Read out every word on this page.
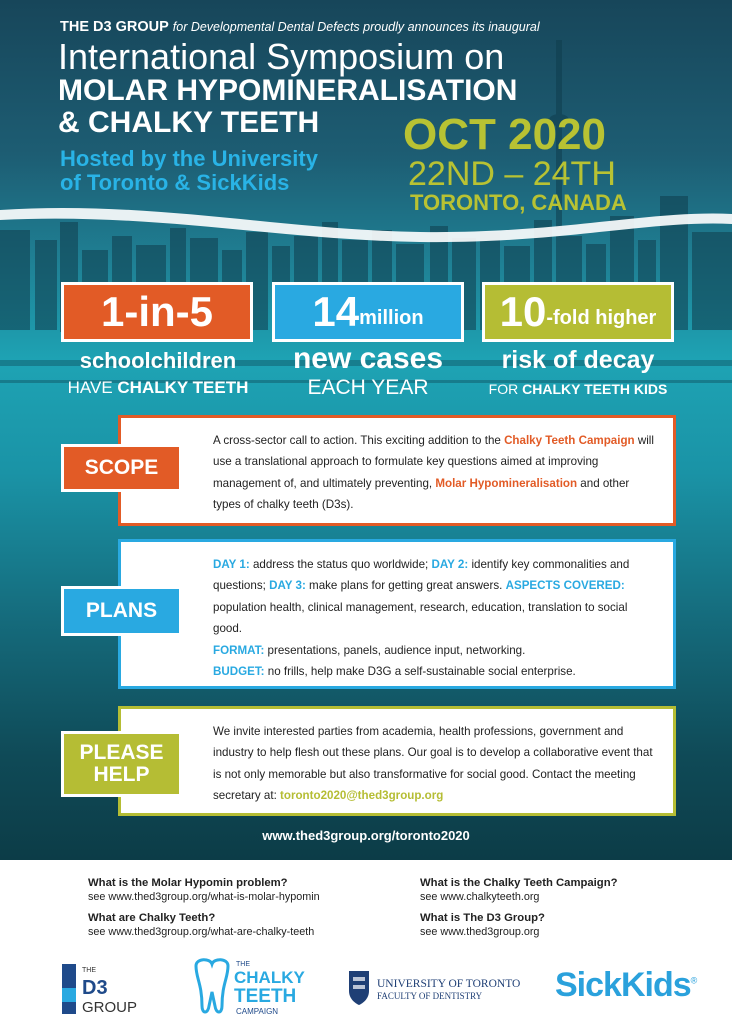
THE D3 GROUP for Developmental Dental Defects proudly announces its inaugural
International Symposium on
MOLAR HYPOMINERALISATION
& CHALKY TEETH
Hosted by the University
of Toronto & SickKids
OCT 2020
22ND – 24TH
TORONTO, CANADA
1-in-5 14 million 10 -fold higher
schoolchildren
HAVE CHALKY TEETH
new cases
EACH YEAR
risk of decay
FOR CHALKY TEETH KIDS
A cross-sector call to action. This exciting addition to the Chalky Teeth Campaign will use a translational approach to formulate key questions aimed at improving management of, and ultimately preventing, Molar Hypomineralisation and other types of chalky teeth (D3s).
SCOPE
DAY 1: address the status quo worldwide; DAY 2: identify key commonalities and questions; DAY 3: make plans for getting great answers. ASPECTS COVERED: population health, clinical management, research, education, translation to social good.
FORMAT: presentations, panels, audience input, networking.
BUDGET: no frills, help make D3G a self-sustainable social enterprise.
PLANS
We invite interested parties from academia, health professions, government and industry to help flesh out these plans. Our goal is to develop a collaborative event that is not only memorable but also transformative for social good. Contact the meeting secretary at: toronto2020@thed3group.org
PLEASE
HELP
www.thed3group.org/toronto2020
What is the Molar Hypomin problem?
see www.thed3group.org/what-is-molar-hypomin
What are Chalky Teeth?
see www.thed3group.org/what-are-chalky-teeth
What is the Chalky Teeth Campaign?
see www.chalkyteeth.org
What is The D3 Group?
see www.thed3group.org
THE
D3
GROUP
THE
CHALKY
TEETH
CAMPAIGN
UNIVERSITY OF TORONTO
FACULTY OF DENTISTRY SickKids®
